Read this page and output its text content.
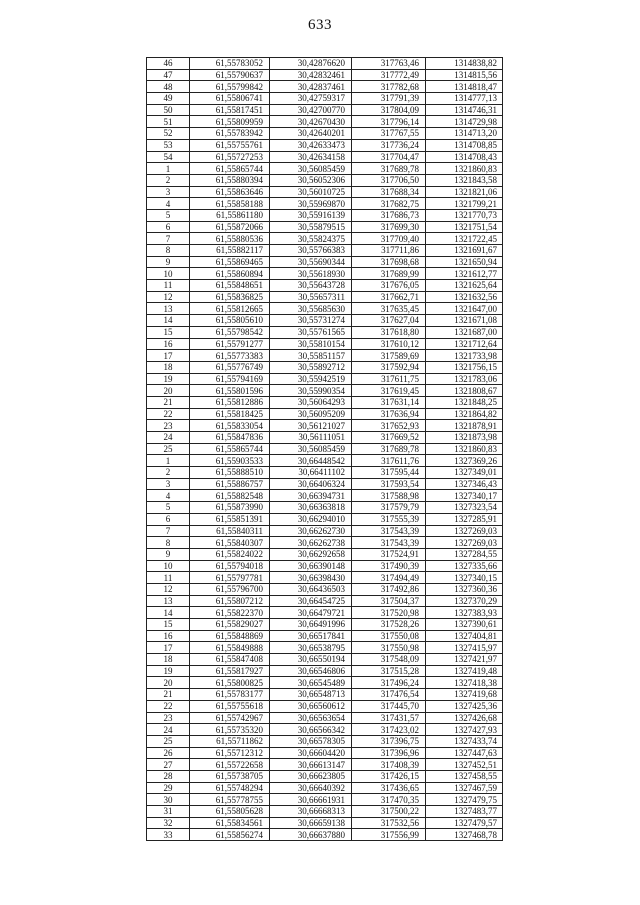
633
46	61,55783052	30,42876620	317763,46	1314838,82
47	61,55790637	30,42832461	317772,49	1314815,56
48	61,55799842	30,42837461	317782,68	1314818,47
49	61,55806741	30,42759317	317791,39	1314777,13
50	61,55817451	30,42700770	317804,09	1314746,31
51	61,55809959	30,42670430	317796,14	1314729,98
52	61,55783942	30,42640201	317767,55	1314713,20
53	61,55755761	30,42633473	317736,24	1314708,85
54	61,55727253	30,42634158	317704,47	1314708,43
1	61,55865744	30,56085459	317689,78	1321860,83
2	61,55880394	30,56052306	317706,50	1321843,58
3	61,55863646	30,56010725	317688,34	1321821,06
4	61,55858188	30,55969870	317682,75	1321799,21
5	61,55861180	30,55916139	317686,73	1321770,73
6	61,55872066	30,55879515	317699,30	1321751,54
7	61,55880536	30,55824375	317709,40	1321722,45
8	61,55882117	30,55766383	317711,86	1321691,67
9	61,55869465	30,55690344	317698,68	1321650,94
10	61,55860894	30,55618930	317689,99	1321612,77
11	61,55848651	30,55643728	317676,05	1321625,64
12	61,55836825	30,55657311	317662,71	1321632,56
13	61,55812665	30,55685630	317635,45	1321647,00
14	61,55805610	30,55731274	317627,04	1321671,08
15	61,55798542	30,55761565	317618,80	1321687,00
16	61,55791277	30,55810154	317610,12	1321712,64
17	61,55773383	30,55851157	317589,69	1321733,98
18	61,55776749	30,55892712	317592,94	1321756,15
19	61,55794169	30,55942519	317611,75	1321783,06
20	61,55801596	30,55990354	317619,45	1321808,67
21	61,55812886	30,56064293	317631,14	1321848,25
22	61,55818425	30,56095209	317636,94	1321864,82
23	61,55833054	30,56121027	317652,93	1321878,91
24	61,55847836	30,56111051	317669,52	1321873,98
25	61,55865744	30,56085459	317689,78	1321860,83
1	61,55903533	30,66448542	317611,76	1327369,26
2	61,55888510	30,66411102	317595,44	1327349,01
3	61,55886757	30,66406324	317593,54	1327346,43
4	61,55882548	30,66394731	317588,98	1327340,17
5	61,55873990	30,66363818	317579,79	1327323,54
6	61,55851391	30,66294010	317555,39	1327285,91
7	61,55840311	30,66262730	317543,39	1327269,03
8	61,55840307	30,66262738	317543,39	1327269,03
9	61,55824022	30,66292658	317524,91	1327284,55
10	61,55794018	30,66390148	317490,39	1327335,66
11	61,55797781	30,66398430	317494,49	1327340,15
12	61,55796700	30,66436503	317492,86	1327360,36
13	61,55807212	30,66454725	317504,37	1327370,29
14	61,55822370	30,66479721	317520,98	1327383,93
15	61,55829027	30,66491996	317528,26	1327390,61
16	61,55848869	30,66517841	317550,08	1327404,81
17	61,55849888	30,66538795	317550,98	1327415,97
18	61,55847408	30,66550194	317548,09	1327421,97
19	61,55817927	30,66546806	317515,28	1327419,48
20	61,55800825	30,66545489	317496,24	1327418,38
21	61,55783177	30,66548713	317476,54	1327419,68
22	61,55755618	30,66560612	317445,70	1327425,36
23	61,55742967	30,66563654	317431,57	1327426,68
24	61,55735320	30,66566342	317423,02	1327427,93
25	61,55711862	30,66578305	317396,75	1327433,74
26	61,55712312	30,66604420	317396,96	1327447,63
27	61,55722658	30,66613147	317408,39	1327452,51
28	61,55738705	30,66623805	317426,15	1327458,55
29	61,55748294	30,66640392	317436,65	1327467,59
30	61,55778755	30,66661931	317470,35	1327479,75
31	61,55805628	30,66668313	317500,22	1327483,77
32	61,55834561	30,66659138	317532,56	1327479,57
33	61,55856274	30,66637880	317556,99	1327468,78
